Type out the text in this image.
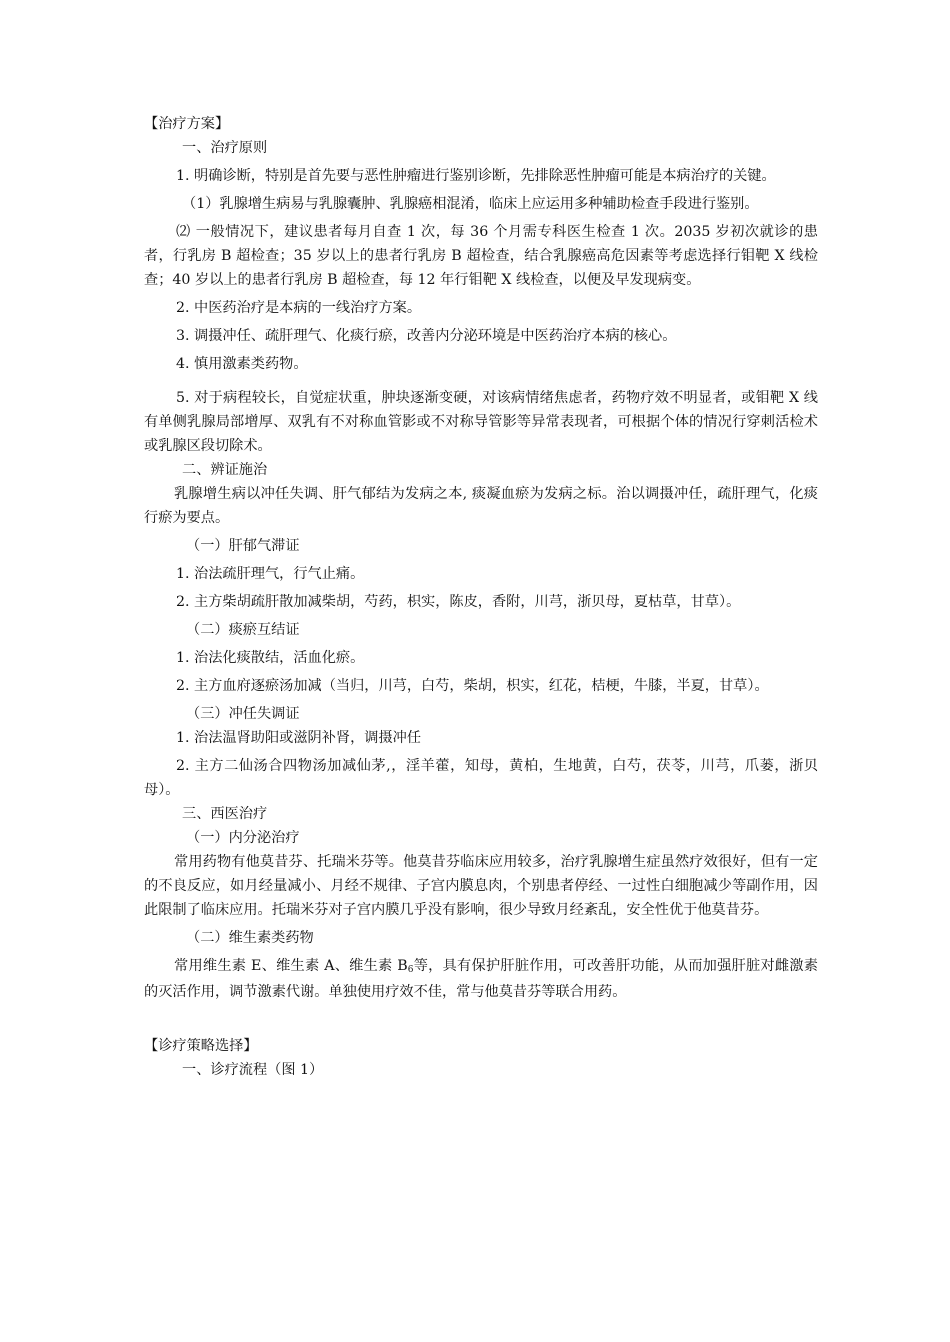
【治疗方案】
一、治疗原则
1. 明确诊断，特别是首先要与恶性肿瘤进行鉴别诊断，先排除恶性肿瘤可能是本病治疗的关键。
（1）乳腺增生病易与乳腺囊肿、乳腺癌相混淆，临床上应运用多种辅助检查手段进行鉴别。
⑵ 一般情况下，建议患者每月自查 1 次，每 36 个月需专科医生检查 1 次。2035 岁初次就诊的患者，行乳房 B 超检查；35 岁以上的患者行乳房 B 超检查，结合乳腺癌高危因素等考虑选择行钼靶 X 线检查；40 岁以上的患者行乳房 B 超检查，每 12 年行钼靶 X 线检查，以便及早发现病变。
2. 中医药治疗是本病的一线治疗方案。
3. 调摄冲任、疏肝理气、化痰行瘀，改善内分泌环境是中医药治疗本病的核心。
4. 慎用激素类药物。
5. 对于病程较长，自觉症状重，肿块逐渐变硬，对该病情绪焦虑者，药物疗效不明显者，或钼靶 X 线有单侧乳腺局部增厚、双乳有不对称血管影或不对称导管影等异常表现者，可根据个体的情况行穿刺活检术或乳腺区段切除术。
二、辨证施治
乳腺增生病以冲任失调、肝气郁结为发病之本, 痰凝血瘀为发病之标。治以调摄冲任，疏肝理气，化痰行瘀为要点。
（一）肝郁气滞证
1. 治法疏肝理气，行气止痛。
2. 主方柴胡疏肝散加减柴胡，芍药，枳实，陈皮，香附，川芎，浙贝母，夏枯草，甘草）。
（二）痰瘀互结证
1. 治法化痰散结，活血化瘀。
2. 主方血府逐瘀汤加减（当归，川芎，白芍，柴胡，枳实，红花，桔梗，牛膝，半夏，甘草）。
（三）冲任失调证
1. 治法温肾助阳或滋阴补肾，调摄冲任
2. 主方二仙汤合四物汤加减仙茅,，淫羊藿，知母，黄柏，生地黄，白芍，茯苓，川芎，爪蒌，浙贝母）。
三、西医治疗
（一）内分泌治疗
常用药物有他莫昔芬、托瑞米芬等。他莫昔芬临床应用较多，治疗乳腺增生症虽然疗效很好，但有一定的不良反应，如月经量减小、月经不规律、子宫内膜息肉，个别患者停经、一过性白细胞减少等副作用，因此限制了临床应用。托瑞米芬对子宫内膜几乎没有影响，很少导致月经紊乱，安全性优于他莫昔芬。
（二）维生素类药物
常用维生素 E、维生素 A、维生素 $B_6$等，具有保护肝脏作用，可改善肝功能，从而加强肝脏对雌激素的灭活作用，调节激素代谢。单独使用疗效不佳，常与他莫昔芬等联合用药。
【诊疗策略选择】
一、诊疗流程（图 1）
